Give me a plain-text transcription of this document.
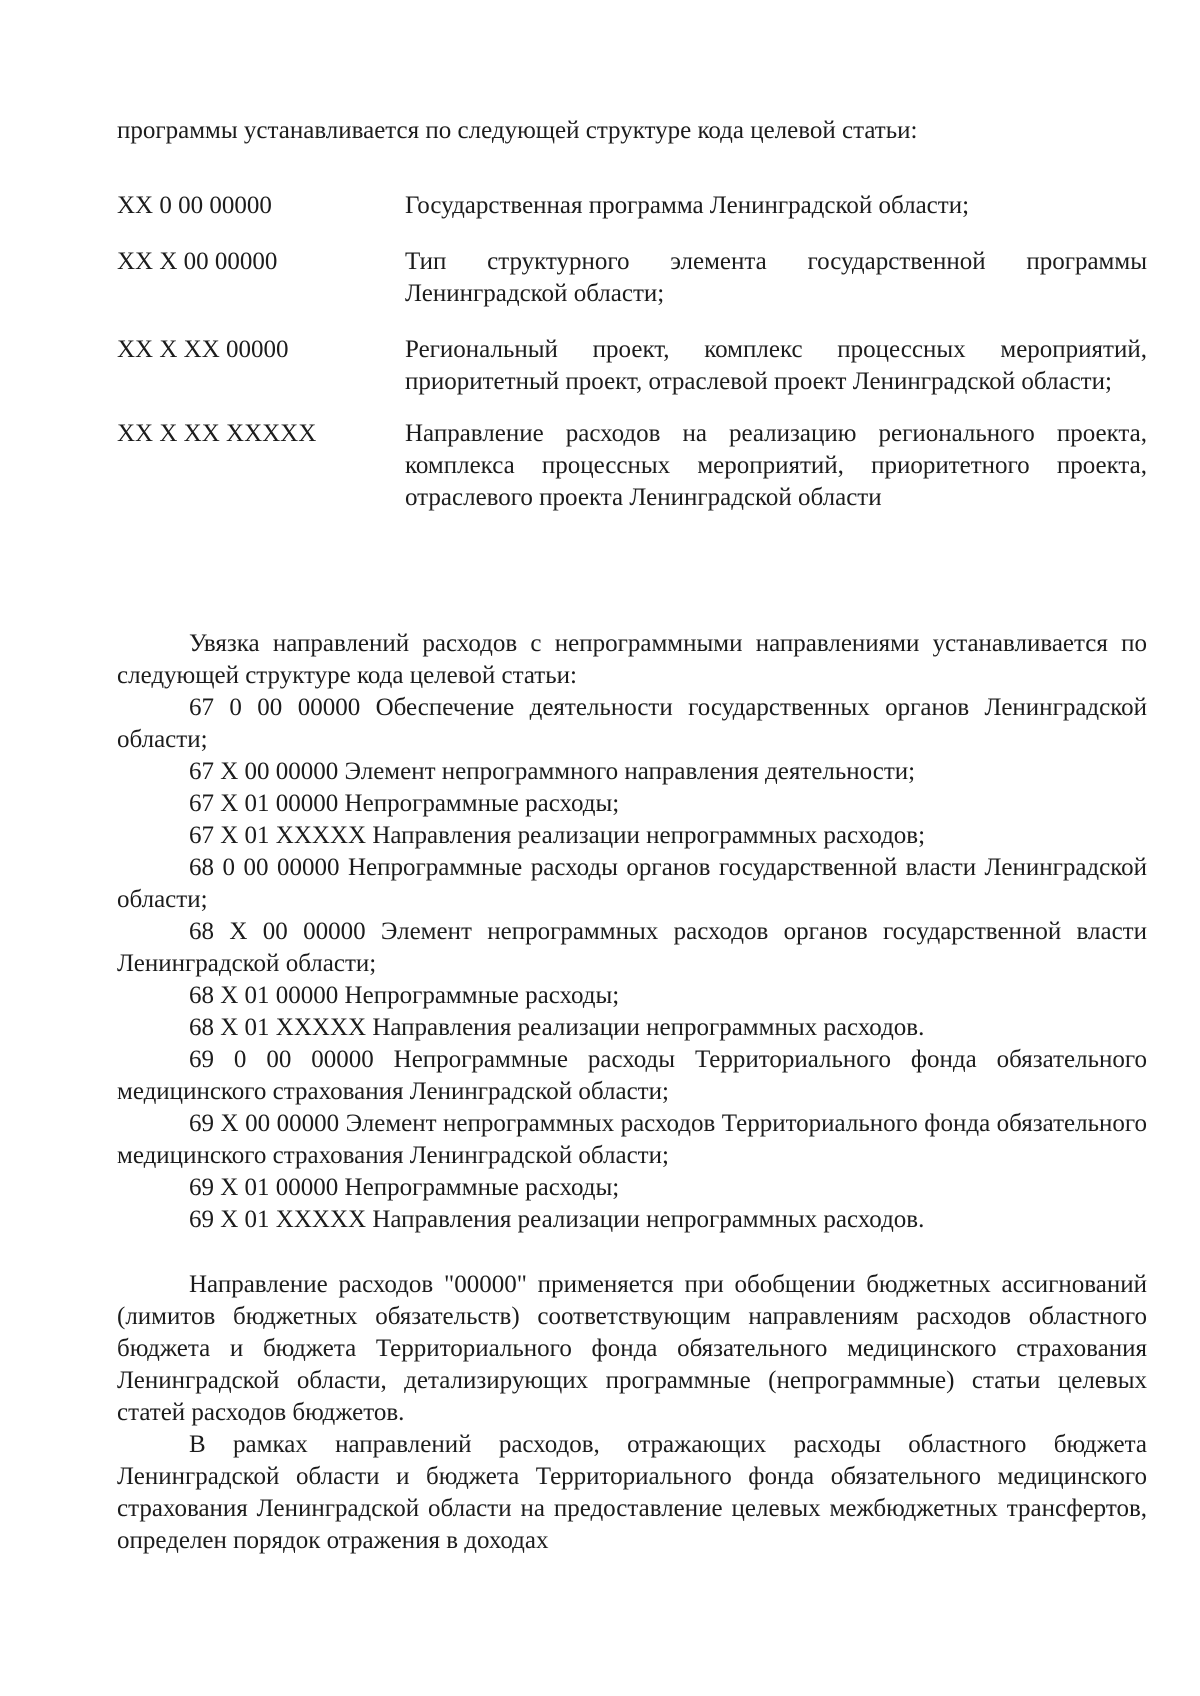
программы устанавливается по следующей структуре кода целевой статьи:

XX 0 00 00000	Государственная программа Ленинградской области;
XX X 00 00000	Тип структурного элемента государственной программы Ленинградской области;
XX X XX 00000	Региональный проект, комплекс процессных мероприятий, приоритетный проект, отраслевой проект Ленинградской области;
XX X XX XXXXX	Направление расходов на реализацию регионального проекта, комплекса процессных мероприятий, приоритетного проекта, отраслевого проекта Ленинградской области

Увязка направлений расходов с непрограммными направлениями устанавливается по следующей структуре кода целевой статьи:

67 0 00 00000 Обеспечение деятельности государственных органов Ленинградской области;

67 X 00 00000 Элемент непрограммного направления деятельности;

67 X 01 00000 Непрограммные расходы;

67 X 01 XXXXX Направления реализации непрограммных расходов;

68 0 00 00000 Непрограммные расходы органов государственной власти Ленинградской области;

68 X 00 00000 Элемент непрограммных расходов органов государственной власти Ленинградской области;

68 X 01 00000 Непрограммные расходы;

68 X 01 XXXXX Направления реализации непрограммных расходов.

69 0 00 00000 Непрограммные расходы Территориального фонда обязательного медицинского страхования Ленинградской области;

69 X 00 00000 Элемент непрограммных расходов Территориального фонда обязательного медицинского страхования Ленинградской области;

69 X 01 00000 Непрограммные расходы;

69 X 01 XXXXX Направления реализации непрограммных расходов.

Направление расходов "00000" применяется при обобщении бюджетных ассигнований (лимитов бюджетных обязательств) соответствующим направлениям расходов областного бюджета и бюджета Территориального фонда обязательного медицинского страхования Ленинградской области, детализирующих программные (непрограммные) статьи целевых статей расходов бюджетов.

В рамках направлений расходов, отражающих расходы областного бюджета Ленинградской области и бюджета Территориального фонда обязательного медицинского страхования Ленинградской области на предоставление целевых межбюджетных трансфертов, определен порядок отражения в доходах
